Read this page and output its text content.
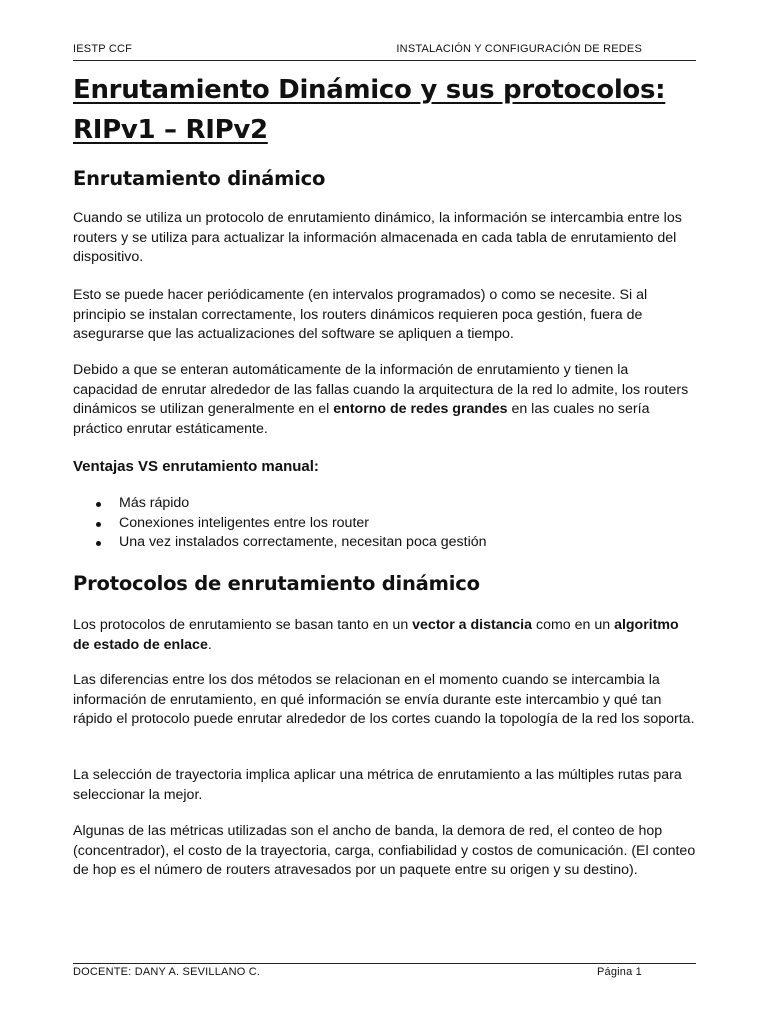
IESTP CCF	INSTALACIÓN Y CONFIGURACIÓN DE REDES
Enrutamiento Dinámico y sus protocolos:
RIPv1 – RIPv2
Enrutamiento dinámico

Cuando se utiliza un protocolo de enrutamiento dinámico, la información se intercambia entre los routers y se utiliza para actualizar la información almacenada en cada tabla de enrutamiento del dispositivo.

Esto se puede hacer periódicamente (en intervalos programados) o como se necesite. Si al principio se instalan correctamente, los routers dinámicos requieren poca gestión, fuera de asegurarse que las actualizaciones del software se apliquen a tiempo.

Debido a que se enteran automáticamente de la información de enrutamiento y tienen la capacidad de enrutar alrededor de las fallas cuando la arquitectura de la red lo admite, los routers dinámicos se utilizan generalmente en el entorno de redes grandes en las cuales no sería práctico enrutar estáticamente.

Ventajas VS enrutamiento manual:
Más rápido
Conexiones inteligentes entre los router
Una vez instalados correctamente, necesitan poca gestión
Protocolos de enrutamiento dinámico

Los protocolos de enrutamiento se basan tanto en un vector a distancia como en un algoritmo de estado de enlace.

Las diferencias entre los dos métodos se relacionan en el momento cuando se intercambia la información de enrutamiento, en qué información se envía durante este intercambio y qué tan rápido el protocolo puede enrutar alrededor de los cortes cuando la topología de la red los soporta.

La selección de trayectoria implica aplicar una métrica de enrutamiento a las múltiples rutas para seleccionar la mejor.

Algunas de las métricas utilizadas son el ancho de banda, la demora de red, el conteo de hop (concentrador), el costo de la trayectoria, carga, confiabilidad y costos de comunicación. (El conteo de hop es el número de routers atravesados por un paquete entre su origen y su destino).

DOCENTE: DANY A. SEVILLANO C.	Página 1
